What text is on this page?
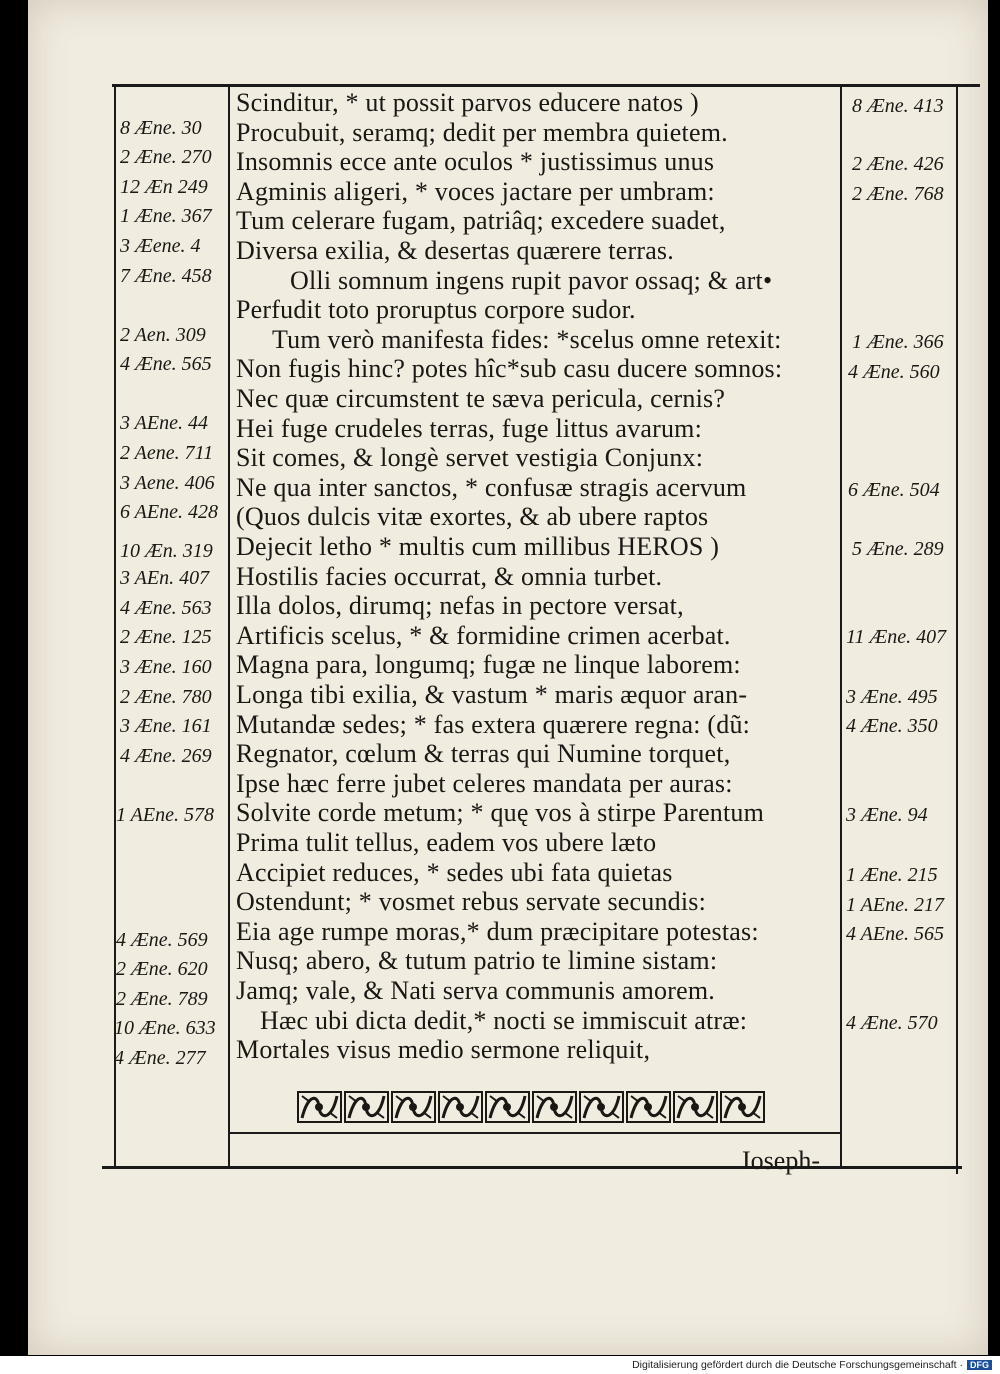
Scinditur, * ut possit parvos educere natos )
Procubuit, seramq; dedit per membra quietem.
Insomnis ecce ante oculos * justissimus unus
Agminis aligeri, * voces jactare per umbram:
Tum celerare fugam, patriâq; excedere suadet,
Diversa exilia, & desertas quærere terras.
Olli somnum ingens rupit pavor ossaq; & art•
Perfudit toto proruptus corpore sudor.
Tum verò manifesta fides: *scelus omne retexit:
Non fugis hinc? potes hîc*sub casu ducere somnos:
Nec quæ circumstent te sæva pericula, cernis?
Hei fuge crudeles terras, fuge littus avarum:
Sit comes, & longè servet vestigia Conjunx:
Ne qua inter sanctos, * confusæ stragis acervum
(Quos dulcis vitæ exortes, & ab ubere raptos
Dejecit letho * multis cum millibus HEROS )
Hostilis facies occurrat, & omnia turbet.
Illa dolos, dirumq; nefas in pectore versat,
Artificis scelus, * & formidine crimen acerbat.
Magna para, longumq; fugæ ne linque laborem:
Longa tibi exilia, & vastum * maris æquor aran-
Mutandæ sedes; * fas extera quærere regna: (dũ:
Regnator, cœlum & terras qui Numine torquet,
Ipse hæc ferre jubet celeres mandata per auras:
Solvite corde metum; * quę vos à stirpe Parentum
Prima tulit tellus, eadem vos ubere læto
Accipiet reduces, * sedes ubi fata quietas
Ostendunt; * vosmet rebus servate secundis:
Eia age rumpe moras,* dum præcipitare potestas:
Nusq; abero, & tutum patrio te limine sistam:
Jamq; vale, & Nati serva communis amorem.
Hæc ubi dicta dedit,* nocti se immiscuit atræ:
Mortales visus medio sermone reliquit,
8 Æne. 30
2 Æne. 270
12 Æn 249
1 Æne. 367
3 Æene. 4
7 Æne. 458
2 Aen. 309
4 Æne. 565
3 AEne. 44
2 Aene. 711
3 Aene. 406
6 AEne. 428
10 Æn. 319
3 AEn. 407
4 Æne. 563
2 Æne. 125
3 Æne. 160
2 Æne. 780
3 Æne. 161
4 Æne. 269
1 AEne. 578
4 Æne. 569
2 Æne. 620
2 Æne. 789
10 Æne. 633
4 Æne. 277
8 Æne. 413
2 Æne. 426
2 Æne. 768
1 Æne. 366
4 Æne. 560
6 Æne. 504
5 Æne. 289
11 Æne. 407
3 Æne. 495
4 Æne. 350
3 Æne. 94
1 Æne. 215
1 AEne. 217
4 AEne. 565
4 Æne. 570
Ioseph-
Digitalisierung gefördert durch die Deutsche Forschungsgemeinschaft · DFG
